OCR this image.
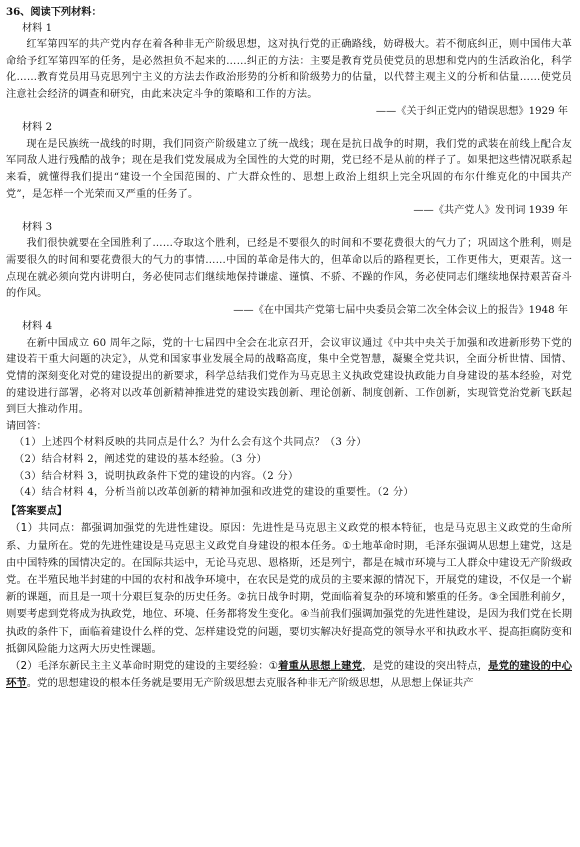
36、阅读下列材料：

材料 1

红军第四军的共产党内存在着各种非无产阶级思想，这对执行党的正确路线，妨碍极大。若不彻底纠正，则中国伟大革命给予红军第四军的任务，是必然担负不起来的……纠正的方法：主要是教育党员使党员的思想和党内的生活政治化，科学化……教育党员用马克思列宁主义的方法去作政治形势的分析和阶级势力的估量，以代替主观主义的分析和估量……使党员注意社会经济的调查和研究，由此来决定斗争的策略和工作的方法。

——《关于纠正党内的错误思想》1929 年

材料 2

现在是民族统一战线的时期，我们同资产阶级建立了统一战线；现在是抗日战争的时期，我们党的武装在前线上配合友军同敌人进行残酷的战争；现在是我们党发展成为全国性的大党的时期，党已经不是从前的样子了。如果把这些情况联系起来看，就懂得我们提出“建设一个全国范围的、广大群众性的、思想上政治上组织上完全巩固的布尔什维克化的中国共产党”，是怎样一个光荣而又严重的任务了。

——《共产党人》发刊词 1939 年

材料 3

我们很快就要在全国胜利了……夺取这个胜利，已经是不要很久的时间和不要花费很大的气力了；巩固这个胜利，则是需要很久的时间和要花费很大的气力的事情……中国的革命是伟大的，但革命以后的路程更长，工作更伟大，更艰苦。这一点现在就必须向党内讲明白，务必使同志们继续地保持谦虚、谨慎、不骄、不躁的作风，务必使同志们继续地保持艰苦奋斗的作风。

——《在中国共产党第七届中央委员会第二次全体会议上的报告》1948 年

材料 4

在新中国成立 60 周年之际，党的十七届四中全会在北京召开，会议审议通过《中共中央关于加强和改进新形势下党的建设若干重大问题的决定》，从党和国家事业发展全局的战略高度，集中全党智慧，凝聚全党共识，全面分析世情、国情、党情的深刻变化对党的建设提出的新要求，科学总结我们党作为马克思主义执政党建设执政能力自身建设的基本经验，对党的建设进行部署，必将对以改革创新精神推进党的建设实践创新、理论创新、制度创新、工作创新，实现管党治党新飞跃起到巨大推动作用。

请回答：

（1）上述四个材料反映的共同点是什么？为什么会有这个共同点？（3 分）

（2）结合材料 2，阐述党的建设的基本经验。（3 分）

（3）结合材料 3，说明执政条件下党的建设的内容。（2 分）

（4）结合材料 4，分析当前以改革创新的精神加强和改进党的建设的重要性。（2 分）

【答案要点】

（1）共同点：都强调加强党的先进性建设。原因：先进性是马克思主义政党的根本特征，也是马克思主义政党的生命所系、力量所在。党的先进性建设是马克思主义政党自身建设的根本任务。①土地革命时期，毛泽东强调从思想上建党，这是由中国特殊的国情决定的。在国际共运中，无论马克思、恩格斯，还是列宁，都是在城市环境与工人群众中建设无产阶级政党。在半殖民地半封建的中国的农村和战争环境中，在农民是党的成员的主要来源的情况下，开展党的建设，不仅是一个崭新的课题，而且是一项十分艰巨复杂的历史任务。②抗日战争时期，党面临着复杂的环境和繁重的任务。③全国胜利前夕，则要考虑到党将成为执政党，地位、环境、任务都将发生变化。④当前我们强调加强党的先进性建设，是因为我们党在长期执政的条件下，面临着建设什么样的党、怎样建设党的问题，要切实解决好提高党的领导水平和执政水平、提高拒腐防变和抵御风险能力这两大历史性课题。

（2）毛泽东新民主主义革命时期党的建设的主要经验：①着重从思想上建党，是党的建设的突出特点，是党的建设的中心环节。党的思想建设的根本任务就是要用无产阶级思想去克服各种非无产阶级思想，从思想上保证共产
